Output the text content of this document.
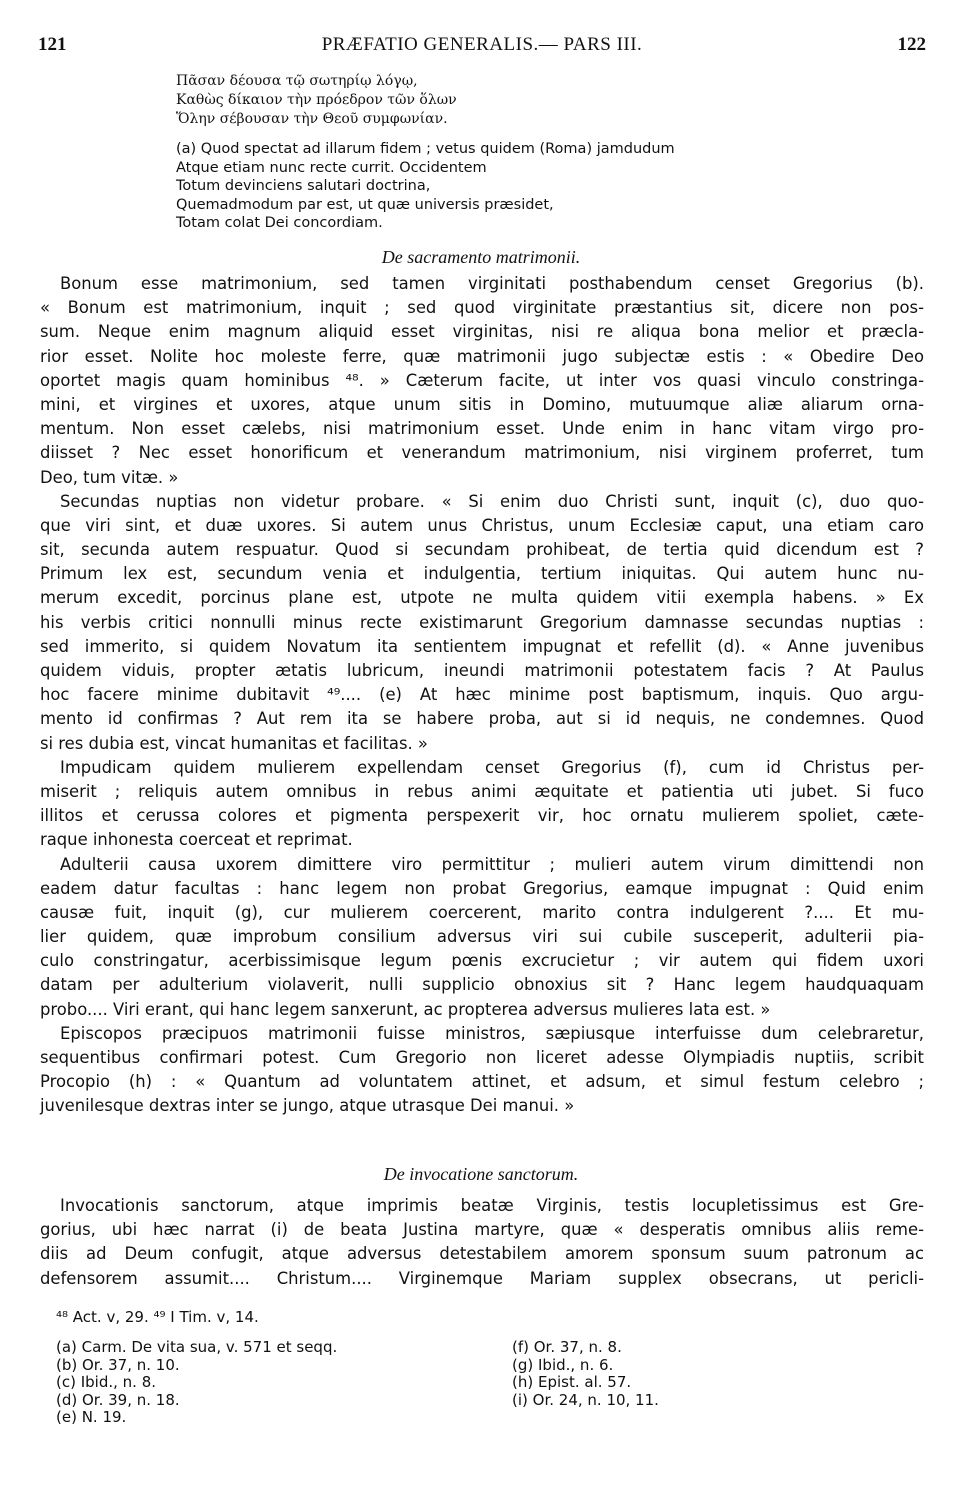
121	PRÆFATIO GENERALIS.— PARS III.	122
Πᾶσαν δέουσα τῷ σωτηρίῳ λόγῳ,
Καθὼς δίκαιον τὴν πρόεδρον τῶν ὅλων
Ὅλην σέβουσαν τὴν Θεοῦ συμφωνίαν.
(a) Quod spectat ad illarum fidem ; vetus quidem (Roma) jamdudum
Atque etiam nunc recte currit. Occidentem
Totum devinciens salutari doctrina,
Quemadmodum par est, ut quæ universis præsidet,
Totam colat Dei concordiam.
De sacramento matrimonii.
Bonum esse matrimonium, sed tamen virginitati posthabendum censet Gregorius (b).
« Bonum est matrimonium, inquit ; sed quod virginitate præstantius sit, dicere non pos-
sum. Neque enim magnum aliquid esset virginitas, nisi re aliqua bona melior et præcla-
rior esset. Nolite hoc moleste ferre, quæ matrimonii jugo subjectæ estis : « Obedire Deo
oportet magis quam hominibus ⁴⁸. » Cæterum facite, ut inter vos quasi vinculo constringa-
mini, et virgines et uxores, atque unum sitis in Domino, mutuumque aliæ aliarum orna-
mentum. Non esset cælebs, nisi matrimonium esset. Unde enim in hanc vitam virgo pro-
diisset ? Nec esset honorificum et venerandum matrimonium, nisi virginem proferret, tum
Deo, tum vitæ. »
Secundas nuptias non videtur probare. « Si enim duo Christi sunt, inquit (c), duo quo-
que viri sint, et duæ uxores. Si autem unus Christus, unum Ecclesiæ caput, una etiam caro
sit, secunda autem respuatur. Quod si secundam prohibeat, de tertia quid dicendum est ?
Primum lex est, secundum venia et indulgentia, tertium iniquitas. Qui autem hunc nu-
merum excedit, porcinus plane est, utpote ne multa quidem vitii exempla habens. » Ex
his verbis critici nonnulli minus recte existimarunt Gregorium damnasse secundas nuptias :
sed immerito, si quidem Novatum ita sentientem impugnat et refellit (d). « Anne juvenibus
quidem viduis, propter ætatis lubricum, ineundi matrimonii potestatem facis ? At Paulus
hoc facere minime dubitavit ⁴⁹.... (e) At hæc minime post baptismum, inquis. Quo argu-
mento id confirmas ? Aut rem ita se habere proba, aut si id nequis, ne condemnes. Quod
si res dubia est, vincat humanitas et facilitas. »
Impudicam quidem mulierem expellendam censet Gregorius (f), cum id Christus per-
miserit ; reliquis autem omnibus in rebus animi æquitate et patientia uti jubet. Si fuco
illitos et cerussa colores et pigmenta perspexerit vir, hoc ornatu mulierem spoliet, cæte-
raque inhonesta coerceat et reprimat.
Adulterii causa uxorem dimittere viro permittitur ; mulieri autem virum dimittendi non
eadem datur facultas : hanc legem non probat Gregorius, eamque impugnat : Quid enim
causæ fuit, inquit (g), cur mulierem coercerent, marito contra indulgerent ?.... Et mu-
lier quidem, quæ improbum consilium adversus viri sui cubile susceperit, adulterii pia-
culo constringatur, acerbissimisque legum pœnis excrucietur ; vir autem qui fidem uxori
datam per adulterium violaverit, nulli supplicio obnoxius sit ? Hanc legem haudquaquam
probo.... Viri erant, qui hanc legem sanxerunt, ac propterea adversus mulieres lata est. »
Episcopos præcipuos matrimonii fuisse ministros, sæpiusque interfuisse dum celebraretur,
sequentibus confirmari potest. Cum Gregorio non liceret adesse Olympiadis nuptiis, scribit
Procopio (h) : « Quantum ad voluntatem attinet, et adsum, et simul festum celebro ;
juvenilesque dextras inter se jungo, atque utrasque Dei manui. »
De invocatione sanctorum.
Invocationis sanctorum, atque imprimis beatæ Virginis, testis locupletissimus est Gre-
gorius, ubi hæc narrat (i) de beata Justina martyre, quæ « desperatis omnibus aliis reme-
diis ad Deum confugit, atque adversus detestabilem amorem sponsum suum patronum ac
defensorem assumit.... Christum.... Virginemque Mariam supplex obsecrans, ut pericli-
⁴⁸ Act. v, 29. ⁴⁹ I Tim. v, 14.
(a) Carm. De vita sua, v. 571 et seqq.
(b) Or. 37, n. 10.
(c) Ibid., n. 8.
(d) Or. 39, n. 18.
(e) N. 19.
(f) Or. 37, n. 8.
(g) Ibid., n. 6.
(h) Epist. al. 57.
(i) Or. 24, n. 10, 11.
